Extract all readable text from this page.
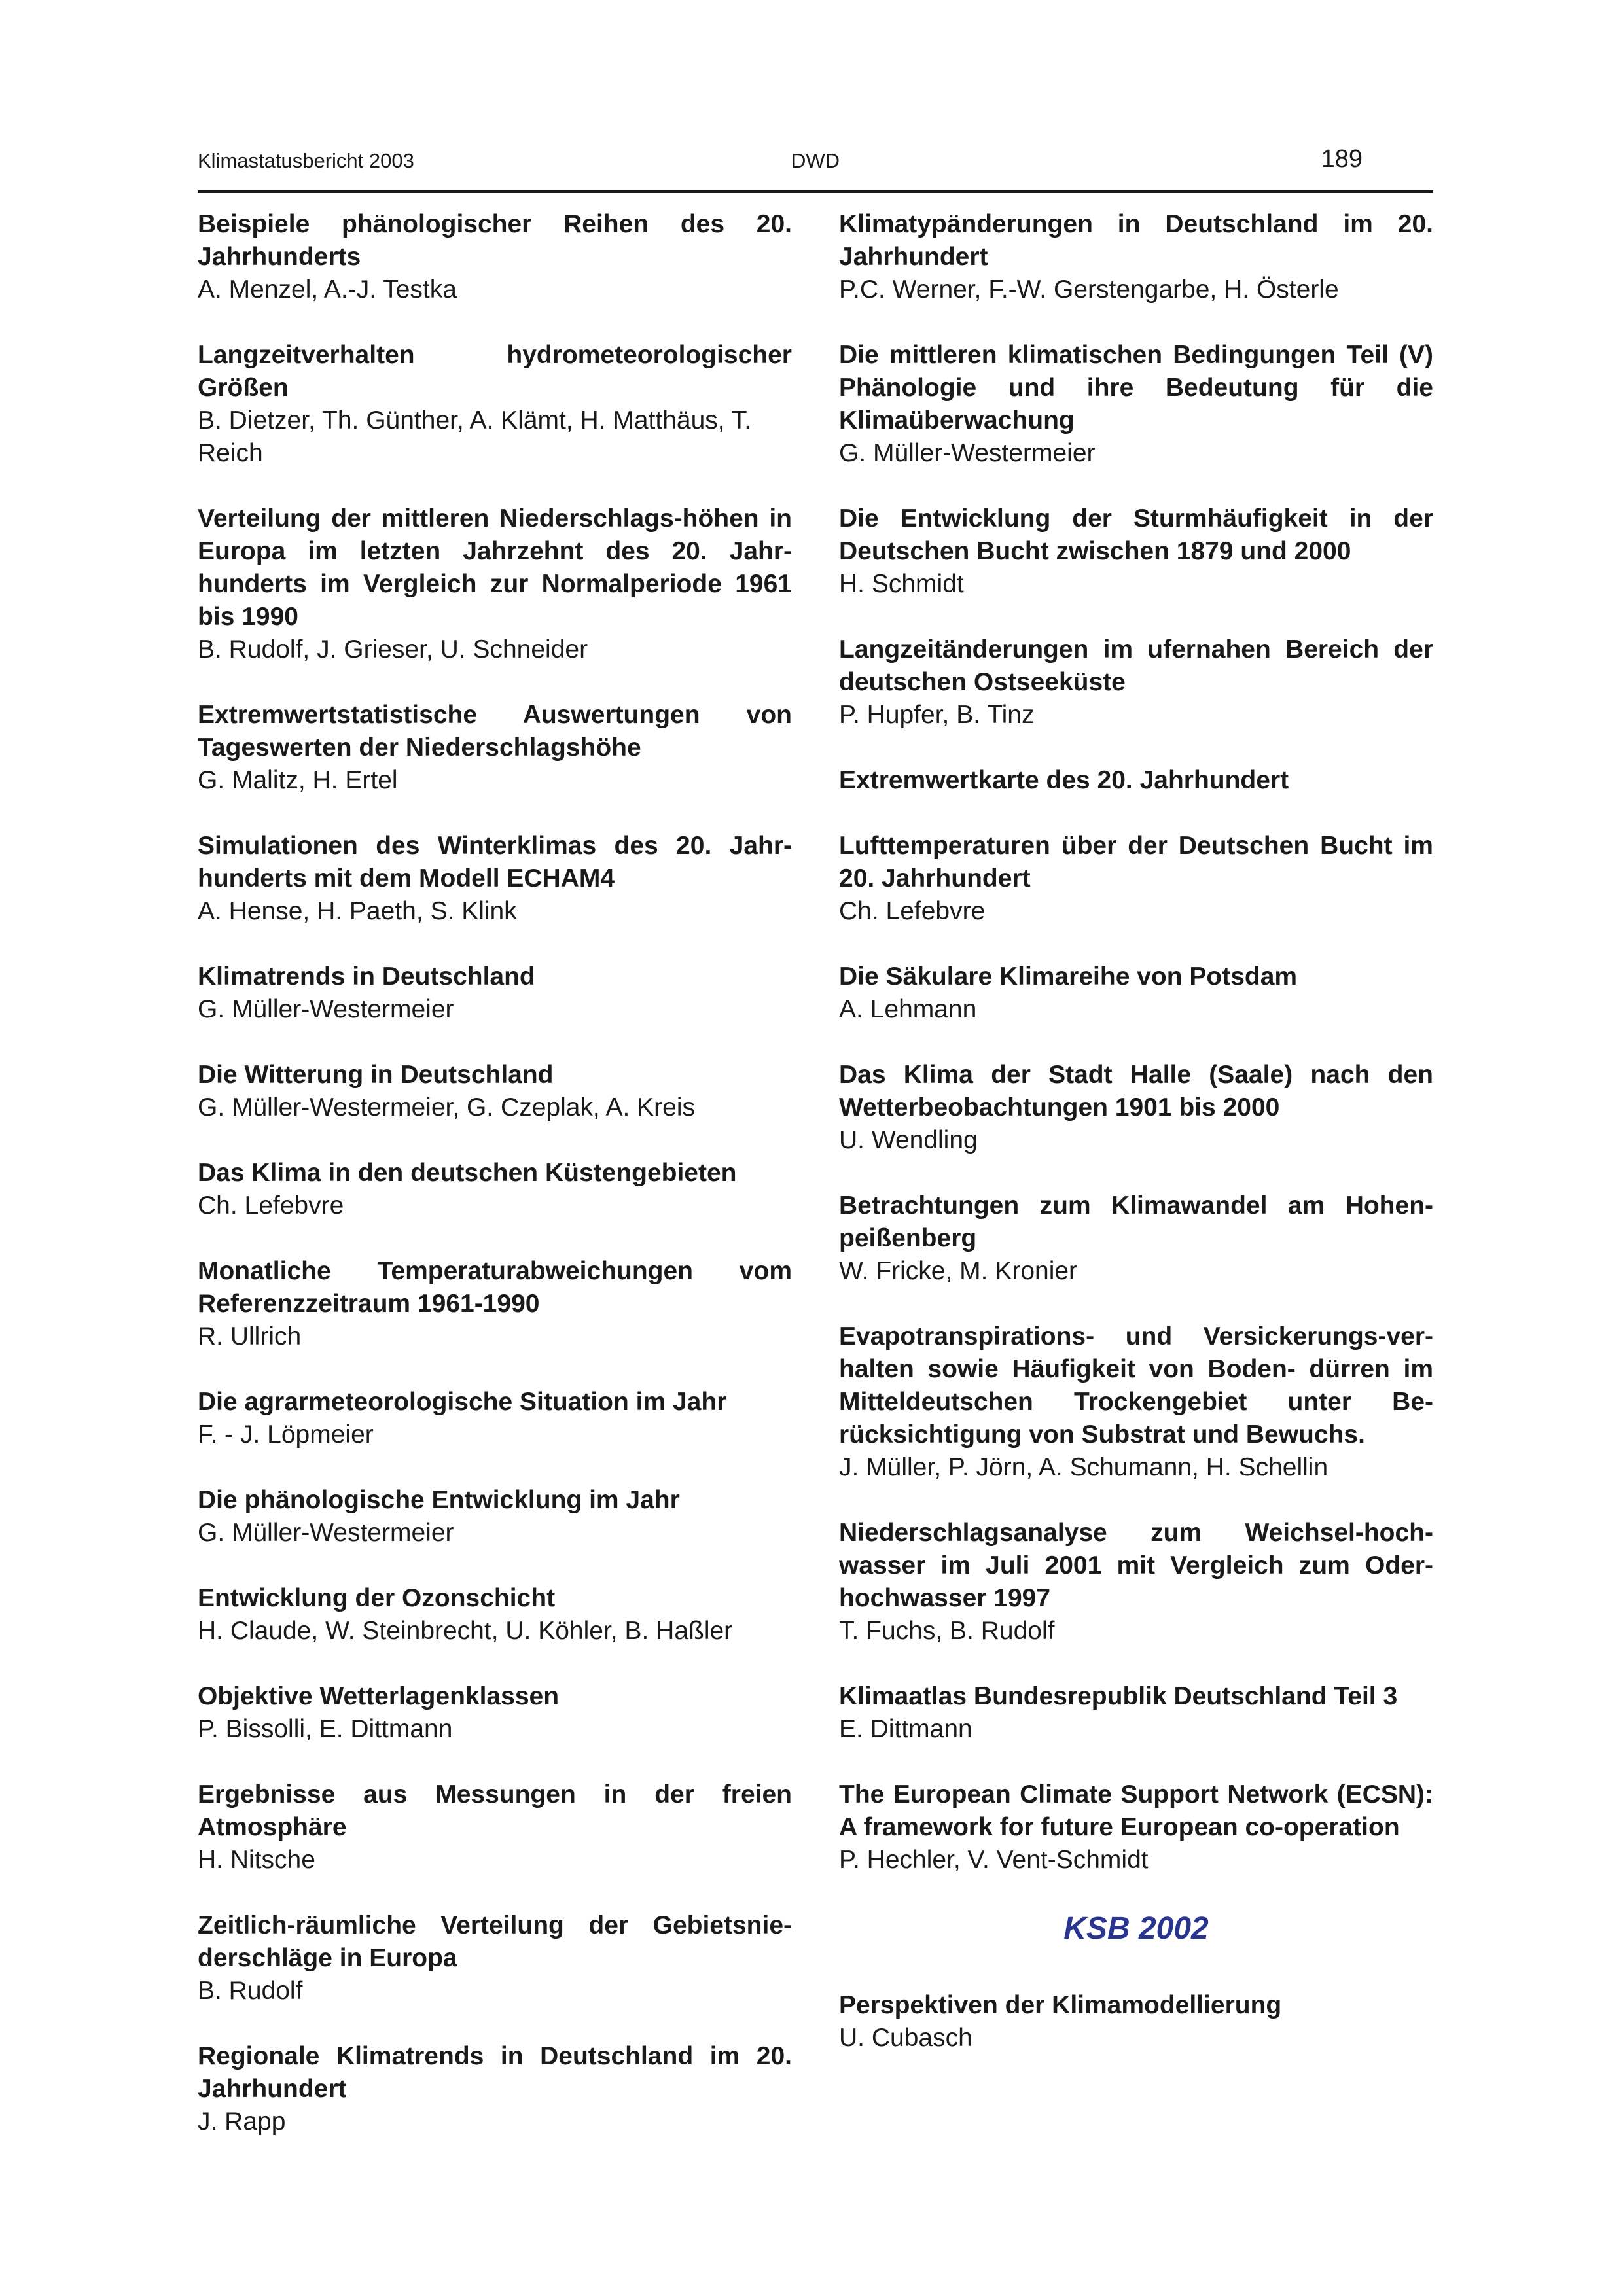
Klimastatusbericht 2003	DWD	189
Beispiele phänologischer Reihen des 20. Jahrhunderts
A. Menzel, A.-J. Testka
Langzeitverhalten hydrometeorologischer Größen
B. Dietzer, Th. Günther, A. Klämt, H. Matthäus, T. Reich
Verteilung der mittleren Niederschlags-höhen in Europa im letzten Jahrzehnt des 20. Jahr-hunderts im Vergleich zur Normalperiode 1961 bis 1990
B. Rudolf, J. Grieser, U. Schneider
Extremwertstatistische Auswertungen von Tageswerten der Niederschlagshöhe
G. Malitz, H. Ertel
Simulationen des Winterklimas des 20. Jahr-hunderts mit dem Modell ECHAM4
A. Hense, H. Paeth, S. Klink
Klimatrends in Deutschland
G. Müller-Westermeier
Die Witterung in Deutschland
G. Müller-Westermeier, G. Czeplak, A. Kreis
Das Klima in den deutschen Küstengebieten
Ch. Lefebvre
Monatliche Temperaturabweichungen vom Referenzzeitraum 1961-1990
R. Ullrich
Die agrarmeteorologische Situation im Jahr
F. - J. Löpmeier
Die phänologische Entwicklung im Jahr
G. Müller-Westermeier
Entwicklung der Ozonschicht
H. Claude, W. Steinbrecht, U. Köhler, B. Haßler
Objektive Wetterlagenklassen
P. Bissolli, E. Dittmann
Ergebnisse aus Messungen in der freien Atmosphäre
H. Nitsche
Zeitlich-räumliche Verteilung der Gebietsnie-derschläge in Europa
B. Rudolf
Regionale Klimatrends in Deutschland im 20. Jahrhundert
J. Rapp
Klimatypänderungen in Deutschland im 20. Jahrhundert
P.C. Werner, F.-W. Gerstengarbe, H. Österle
Die mittleren klimatischen Bedingungen Teil (V) Phänologie und ihre Bedeutung für die Klimaüberwachung
G. Müller-Westermeier
Die Entwicklung der Sturmhäufigkeit in der Deutschen Bucht zwischen 1879 und 2000
H. Schmidt
Langzeitänderungen im ufernahen Bereich der deutschen Ostseeküste
P. Hupfer, B. Tinz
Extremwertkarte des 20. Jahrhundert
Lufttemperaturen über der Deutschen Bucht im 20. Jahrhundert
Ch. Lefebvre
Die Säkulare Klimareihe von Potsdam
A. Lehmann
Das Klima der Stadt Halle (Saale) nach den Wetterbeobachtungen 1901 bis 2000
U. Wendling
Betrachtungen zum Klimawandel am Hohen-peißenberg
W. Fricke, M. Kronier
Evapotranspirations- und Versickerungs-ver-halten sowie Häufigkeit von Boden- dürren im Mitteldeutschen Trockengebiet unter Be-rücksichtigung von Substrat und Bewuchs.
J. Müller, P. Jörn, A. Schumann, H. Schellin
Niederschlagsanalyse zum Weichsel-hoch-wasser im Juli 2001 mit Vergleich zum Oder-hochwasser 1997
T. Fuchs, B. Rudolf
Klimaatlas Bundesrepublik Deutschland Teil 3
E. Dittmann
The European Climate Support Network (ECSN): A framework for future European co-operation
P. Hechler, V. Vent-Schmidt
KSB 2002
Perspektiven der Klimamodellierung
U. Cubasch
